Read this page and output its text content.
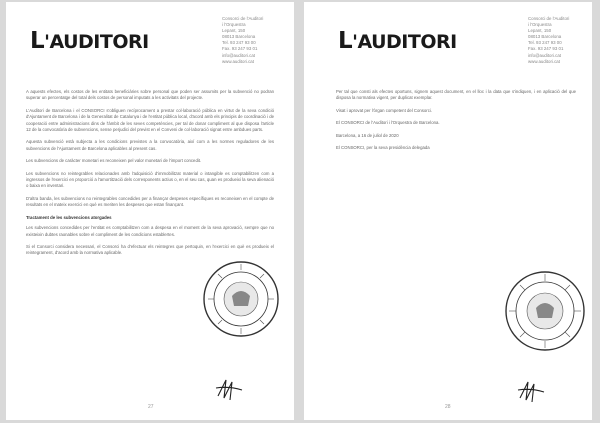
L'AUDITORI
Consorci de l'Auditori
i l'Orquestra
Lepant, 150
08013 Barcelona
Tel. 93 247 93 00
Fax. 93 247 93 01
info@auditori.cat
www.auditori.cat

A aquests efectes, els costos de les entitats beneficiàries sobre personal que poden ser assumits per la subvenció no podran superar un percentatge del total dels costos de personal imputats a les activitats del projecte.

L'Auditori de Barcelona i el CONSORCI s'obliguen recíprocament a prestar col·laboració pública en virtut de la seva condició d'Ajuntament de Barcelona i de la Generalitat de Catalunya i de l'entitat pública local, d'acord amb els principis de coordinació i de cooperació entre administracions dins de l'àmbit de les seves competències, per tal de donar compliment al que disposa l'article 12 de la convocatòria de subvencions, sense perjudici del previst en el Conveni de col·laboració signat entre ambdues parts.

Aquesta subvenció està subjecta a les condicions previstes a la convocatòria, així com a les normes reguladores de les subvencions de l'Ajuntament de Barcelona aplicables al present cas.

Les subvencions de caràcter monetari es reconeixen pel valor monetari de l'import concedit.

Les subvencions no reintegrables relacionades amb l'adquisició d'immobilitzat material o intangible es comptabilitzen com a ingressos de l'exercici en proporció a l'amortització dels corresponents actius o, en el seu cas, quan es produeixi la seva alienació o baixa en inventari.

D'altra banda, les subvencions no reintegrables concedides per a finançar despeses específiques es reconeixen en el compte de resultats en el mateix exercici en què es meriten les despeses que estan finançant.

Tractament de les subvencions atorgades

Les subvencions concedides per l'entitat es comptabilitzen com a despesa en el moment de la seva aprovació, sempre que no existeixin dubtes raonables sobre el compliment de les condicions establertes.

Si el Consorci considera necessari, el Consorci ha d'efectuar els reintegres que pertoquin, en l'exercici en què es produeix el reintegrament, d'acord amb la normativa aplicable.

27
L'AUDITORI
Consorci de l'Auditori
i l'Orquestra
Lepant, 150
08013 Barcelona
Tel. 93 247 93 00
Fax. 93 247 93 01
info@auditori.cat
www.auditori.cat

Per tal que consti als efectes oportuns, signem aquest document, en el lloc i la data que s'indiquen, i en aplicació del que disposa la normativa vigent, per duplicat exemplar.

Visat i aprovat per l'òrgan competent del Consorci.

El CONSORCI de l'Auditori i l'Orquestra de Barcelona.

Barcelona, a 16 de juliol de 2020

El CONSORCI, per la seva presidència delegada

28
